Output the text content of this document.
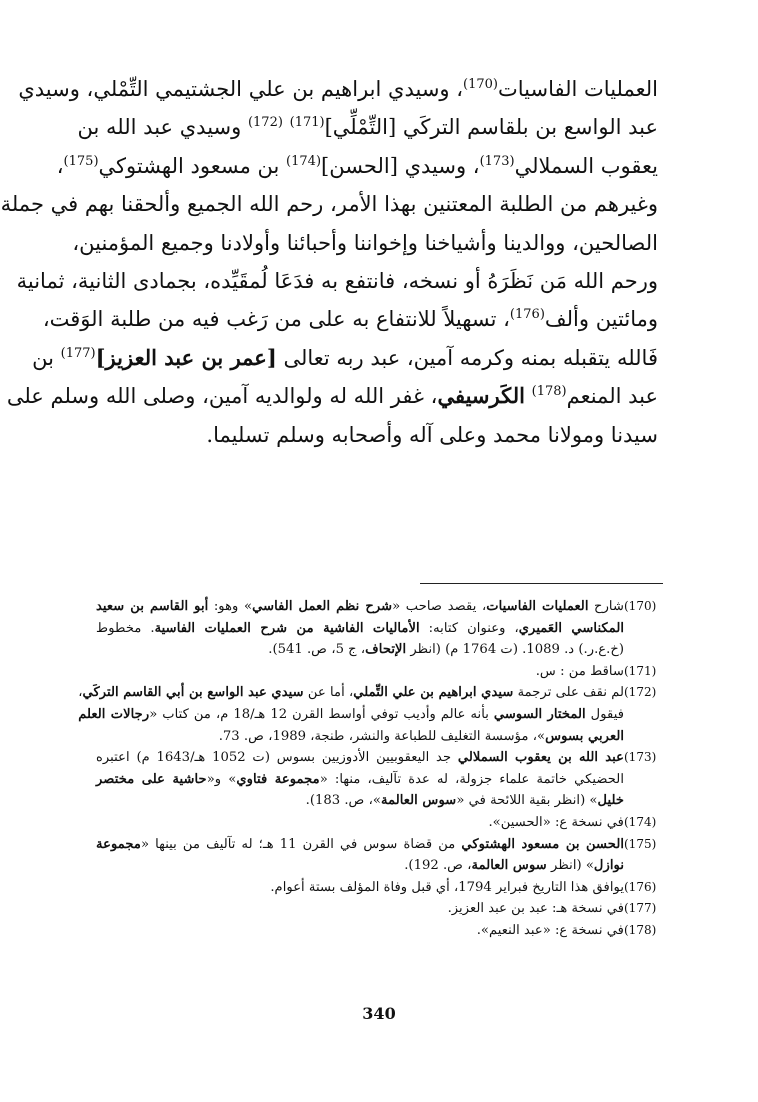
العمليات الفاسيات$^{(170)}$، وسيدي ابراهيم بن علي الجشتيمي التِّمْلي، وسيدي
عبد الواسع بن بلقاسم التركَي [التِّمْلِّي]$^{(171)}$ $^{(172)}$ وسيدي عبد الله بن
يعقوب السملالي$^{(173)}$، وسيدي [الحسن]$^{(174)}$ بن مسعود الهشتوكي$^{(175)}$،
وغيرهم من الطلبة المعتنين بهذا الأمر، رحم الله الجميع وألحقنا بهم في جملة
الصالحين، ووالدينا وأشياخنا وإخواننا وأحبائنا وأولادنا وجميع المؤمنين،
ورحم الله مَن نَظَرَهُ أو نسخه، فانتفع به فدَعَا لُمقَيِّده، بجمادى الثانية، ثمانية
ومائتين وألف$^{(176)}$، تسهيلاً للانتفاع به على من رَغب فيه من طلبة الوَقت،
فَالله يتقبله بمنه وكرمه آمين، عبد ربه تعالى [عمر بن عبد العزيز]$^{(177)}$ بن
عبد المنعم$^{(178)}$ الكَرسيفي، غفر الله له ولوالديه آمين، وصلى الله وسلم على
سيدنا ومولانا محمد وعلى آله وأصحابه وسلم تسليما.
(170)
شارح العمليات الفاسيات، يقصد صاحب «شرح نظم العمل الفاسي» وهو: أبو القاسم بن سعيد
المكناسي العَميري، وعنوان كتابه: الأماليات الفاشية من شرح العمليات الفاسية. مخطوط
(خ.ع.ر.) د. 1089. (ت 1764 م) (انظر الإتحاف، ج 5، ص. 541).
(171)
ساقط من : س.
(172)
لم نقف على ترجمة سيدي ابراهيم بن علي التِّملي، أما عن سيدي عبد الواسع بن أبي القاسم التركَي،
فيقول المختار السوسي بأنه عالم وأديب توفي أواسط القرن 12 هـ/18 م، من كتاب «رجالات العلم
العربي بسوس»، مؤسسة التغليف للطباعة والنشر، طنجة، 1989، ص. 73.
(173)
عبد الله بن يعقوب السملالي جد اليعقوبيين الأدوزيين بسوس (ت 1052 هـ/1643 م) اعتبره
الحضيكي خاتمة علماء جزولة، له عدة تآليف، منها: «مجموعة فتاوي» و«حاشية على مختصر
خليل» (انظر بقية اللائحة في «سوس العالمة»، ص. 183).
(174)
في نسخة ع: «الحسين».
(175)
الحسن بن مسعود الهشتوكي من قضاة سوس في القرن 11 هـ؛ له تآليف من بينها «مجموعة
نوازل» (انظر سوس العالمة، ص. 192).
(176)
يوافق هذا التاريخ فبراير 1794، أي قبل وفاة المؤلف بستة أعوام.
(177)
في نسخة هـ: عبد بن عبد العزيز.
(178)
في نسخة ع: «عبد النعيم».
340
